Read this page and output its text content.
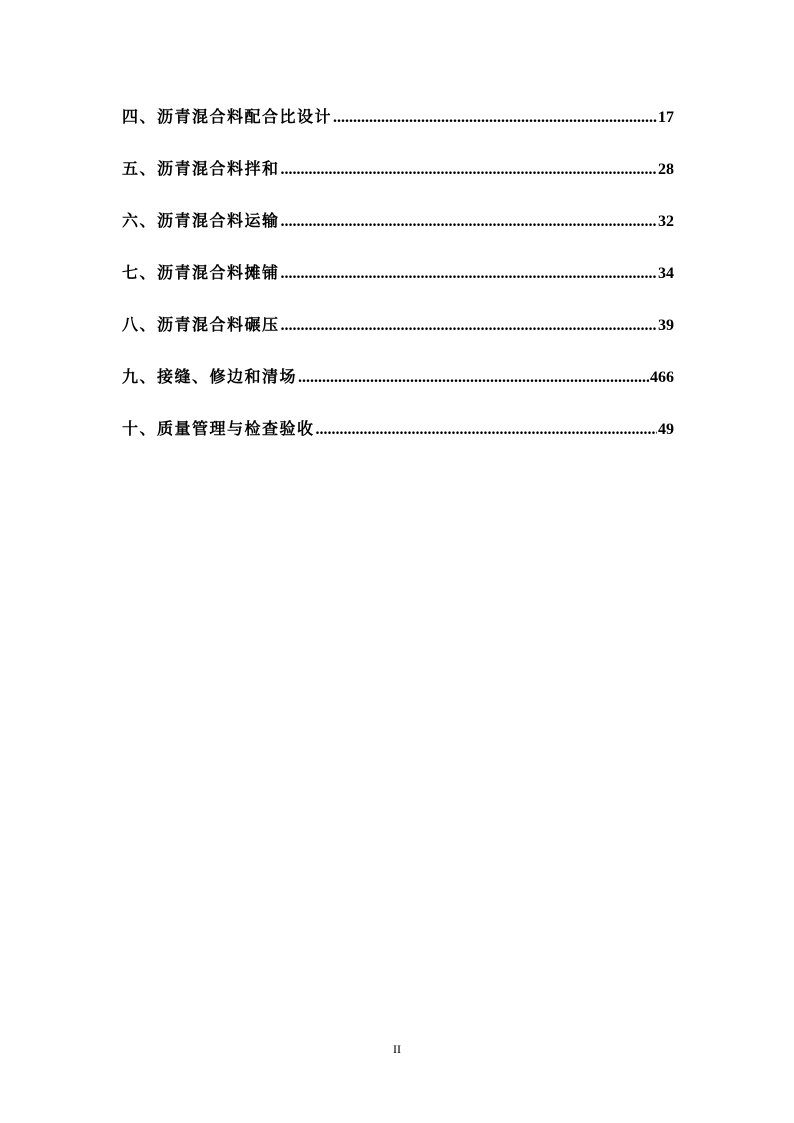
四、沥青混合料配合比设计 .....	17
五、沥青混合料拌和 .....	28
六、沥青混合料运输 .....	32
七、沥青混合料摊铺 .....	34
八、沥青混合料碾压 .....	39
九、接缝、修边和清场 .....	466
十、质量管理与检查验收 .....	49
II
